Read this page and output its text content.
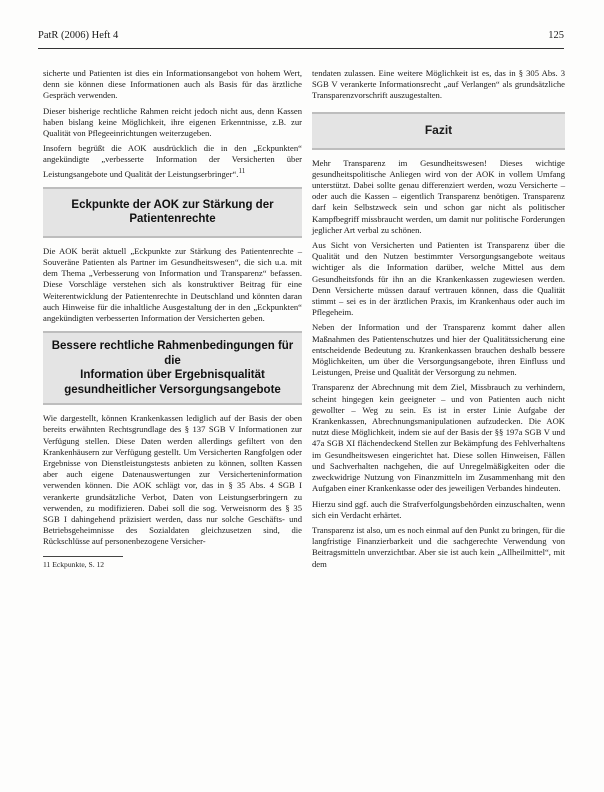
PatR (2006) Heft 4	125

sicherte und Patienten ist dies ein Informationsangebot von hohem Wert, denn sie können diese Informationen auch als Basis für das ärztliche Gespräch verwenden.

Dieser bisherige rechtliche Rahmen reicht jedoch nicht aus, denn Kassen haben bislang keine Möglichkeit, ihre eigenen Erkenntnisse, z.B. zur Qualität von Pflegeeinrichtungen weiterzugeben.

Insofern begrüßt die AOK ausdrücklich die in den „Eckpunkten“ angekündigte „verbesserte Information der Versicherten über Leistungsangebote und Qualität der Leistungserbringer“.$^{11}$

Eckpunkte der AOK zur Stärkung der
Patientenrechte

Die AOK berät aktuell „Eckpunkte zur Stärkung des Patientenrechte – Souveräne Patienten als Partner im Gesundheitswesen“, die sich u.a. mit dem Thema „Verbesserung von Information und Transparenz“ befassen. Diese Vorschläge verstehen sich als konstruktiver Beitrag für eine Weiterentwicklung der Patientenrechte in Deutschland und könnten daran auch Hinweise für die inhaltliche Ausgestaltung der in den „Eckpunkten“ angekündigten verbesserten Information der Versicherten geben.

Bessere rechtliche Rahmenbedingungen für die
Information über Ergebnisqualität
gesundheitlicher Versorgungsangebote

Wie dargestellt, können Krankenkassen lediglich auf der Basis der oben bereits erwähnten Rechtsgrundlage des § 137 SGB V Informationen zur Verfügung stellen. Diese Daten werden allerdings gefiltert von den Krankenhäusern zur Verfügung gestellt. Um Versicherten Rangfolgen oder Ergebnisse von Dienstleistungstests anbieten zu können, sollten Kassen aber auch eigene Datenauswertungen zur Versicherteninformation verwenden können. Die AOK schlägt vor, das in § 35 Abs. 4 SGB I verankerte grundsätzliche Verbot, Daten von Leistungserbringern zu verwenden, zu modifizieren. Dabei soll die sog. Verweisnorm des § 35 SGB I dahingehend präzisiert werden, dass nur solche Geschäfts- und Betriebsgeheimnisse des Sozialdaten gleichzusetzen sind, die Rückschlüsse auf personenbezogene Versicher-

11 Eckpunkte, S. 12

tendaten zulassen. Eine weitere Möglichkeit ist es, das in § 305 Abs. 3 SGB V verankerte Informationsrecht „auf Verlangen“ als grundsätzliche Transparenzvorschrift auszugestalten.

Fazit

Mehr Transparenz im Gesundheitswesen! Dieses wichtige gesundheitspolitische Anliegen wird von der AOK in vollem Umfang unterstützt. Dabei sollte genau differenziert werden, wozu Versicherte – oder auch die Kassen – eigentlich Transparenz benötigen. Transparenz darf kein Selbstzweck sein und schon gar nicht als politischer Kampfbegriff missbraucht werden, um damit nur politische Forderungen jeglicher Art verbal zu schönen.

Aus Sicht von Versicherten und Patienten ist Transparenz über die Qualität und den Nutzen bestimmter Versorgungsangebote weitaus wichtiger als die Information darüber, welche Mittel aus dem Gesundheitsfonds für ihn an die Krankenkassen zugewiesen werden. Denn Versicherte müssen darauf vertrauen können, dass die Qualität stimmt – sei es in der ärztlichen Praxis, im Krankenhaus oder auch im Pflegeheim.

Neben der Information und der Transparenz kommt daher allen Maßnahmen des Patientenschutzes und hier der Qualitätssicherung eine entscheidende Bedeutung zu. Krankenkassen brauchen deshalb bessere Möglichkeiten, um über die Versorgungsangebote, ihren Einfluss und Leistungen, Preise und Qualität der Versorgung zu nehmen.

Transparenz der Abrechnung mit dem Ziel, Missbrauch zu verhindern, scheint hingegen kein geeigneter – und von Patienten auch nicht gewollter – Weg zu sein. Es ist in erster Linie Aufgabe der Krankenkassen, Abrechnungsmanipulationen aufzudecken. Die AOK nutzt diese Möglichkeit, indem sie auf der Basis der §§ 197a SGB V und 47a SGB XI flächendeckend Stellen zur Bekämpfung des Fehlverhaltens im Gesundheitswesen eingerichtet hat. Diese sollen Hinweisen, Fällen und Sachverhalten nachgehen, die auf Unregelmäßigkeiten oder die zweckwidrige Nutzung von Finanzmitteln im Zusammenhang mit den Aufgaben einer Krankenkasse oder des jeweiligen Verbandes hindeuten.

Hierzu sind ggf. auch die Strafverfolgungsbehörden einzuschalten, wenn sich ein Verdacht erhärtet.

Transparenz ist also, um es noch einmal auf den Punkt zu bringen, für die langfristige Finanzierbarkeit und die sachgerechte Verwendung von Beitragsmitteln unverzichtbar. Aber sie ist auch kein „Allheilmittel“, mit dem
